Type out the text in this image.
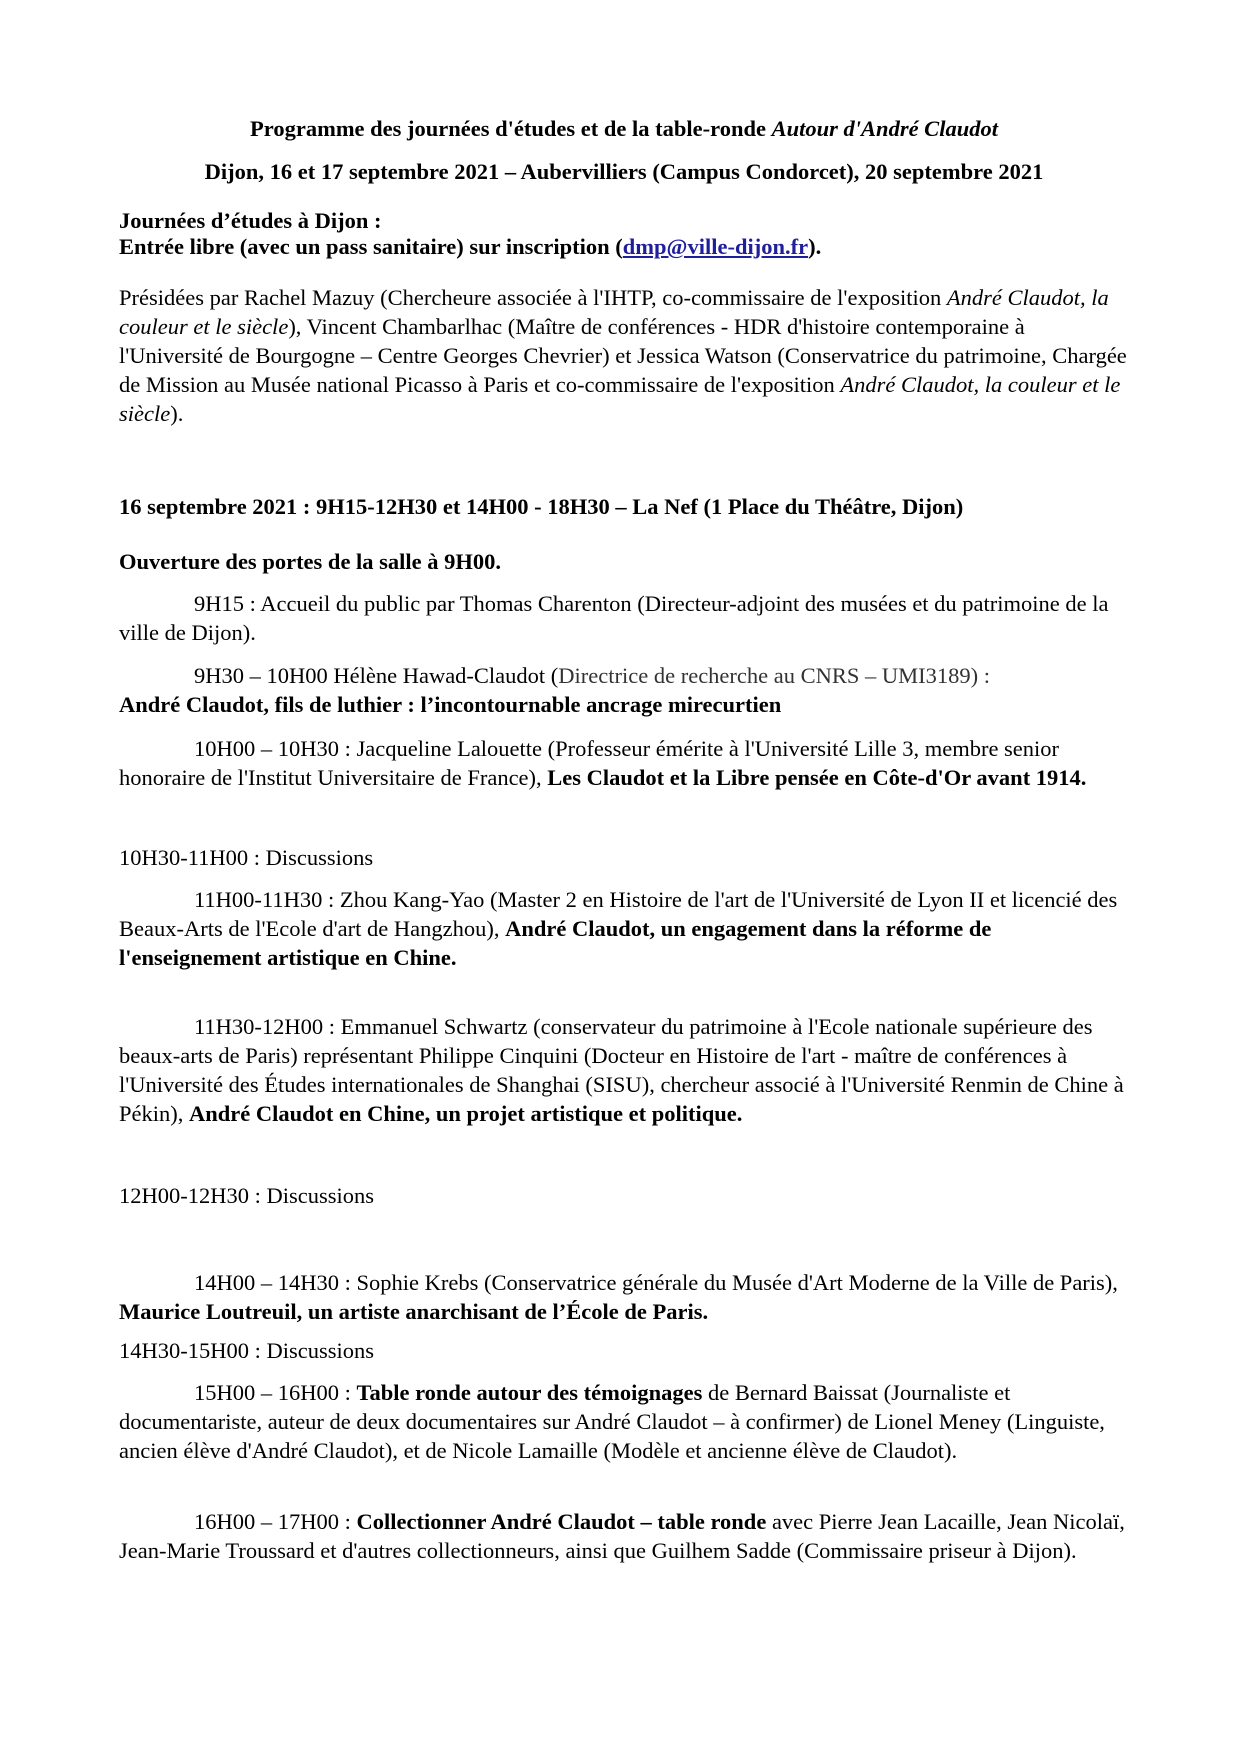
Programme des journées d'études et de la table-ronde Autour d'André Claudot
Dijon, 16 et 17 septembre 2021 – Aubervilliers (Campus Condorcet), 20 septembre 2021
Journées d’études à Dijon :
Entrée libre (avec un pass sanitaire) sur inscription (dmp@ville-dijon.fr).
Présidées par Rachel Mazuy (Chercheure associée à l'IHTP, co-commissaire de l'exposition André Claudot, la couleur et le siècle), Vincent Chambarlhac (Maître de conférences - HDR d'histoire contemporaine à l'Université de Bourgogne – Centre Georges Chevrier) et Jessica Watson (Conservatrice du patrimoine, Chargée de Mission au Musée national Picasso à Paris et co-commissaire de l'exposition André Claudot, la couleur et le siècle).
16 septembre 2021 : 9H15-12H30 et 14H00 - 18H30 – La Nef (1 Place du Théâtre, Dijon)
Ouverture des portes de la salle à 9H00.
9H15 : Accueil du public par Thomas Charenton (Directeur-adjoint des musées et du patrimoine de la ville de Dijon).
9H30 – 10H00 Hélène Hawad-Claudot (Directrice de recherche au CNRS – UMI3189) :
André Claudot, fils de luthier : l’incontournable ancrage mirecurtien
10H00 – 10H30 : Jacqueline Lalouette (Professeur émérite à l'Université Lille 3, membre senior honoraire de l'Institut Universitaire de France), Les Claudot et la Libre pensée en Côte-d'Or avant 1914.
10H30-11H00 : Discussions
11H00-11H30 : Zhou Kang-Yao (Master 2 en Histoire de l'art de l'Université de Lyon II et licencié des Beaux-Arts de l'Ecole d'art de Hangzhou), André Claudot, un engagement dans la réforme de l'enseignement artistique en Chine.
11H30-12H00 : Emmanuel Schwartz (conservateur du patrimoine à l'Ecole nationale supérieure des beaux-arts de Paris) représentant Philippe Cinquini (Docteur en Histoire de l'art - maître de conférences à l'Université des Études internationales de Shanghai (SISU), chercheur associé à l'Université Renmin de Chine à Pékin), André Claudot en Chine, un projet artistique et politique.
12H00-12H30 : Discussions
14H00 – 14H30 : Sophie Krebs (Conservatrice générale du Musée d'Art Moderne de la Ville de Paris), Maurice Loutreuil, un artiste anarchisant de l’École de Paris.
14H30-15H00 : Discussions
15H00 – 16H00 : Table ronde autour des témoignages de Bernard Baissat (Journaliste et documentariste, auteur de deux documentaires sur André Claudot – à confirmer) de Lionel Meney (Linguiste, ancien élève d'André Claudot), et de Nicole Lamaille (Modèle et ancienne élève de Claudot).
16H00 – 17H00 : Collectionner André Claudot – table ronde avec Pierre Jean Lacaille, Jean Nicolaï, Jean-Marie Troussard et d'autres collectionneurs, ainsi que Guilhem Sadde (Commissaire priseur à Dijon).
